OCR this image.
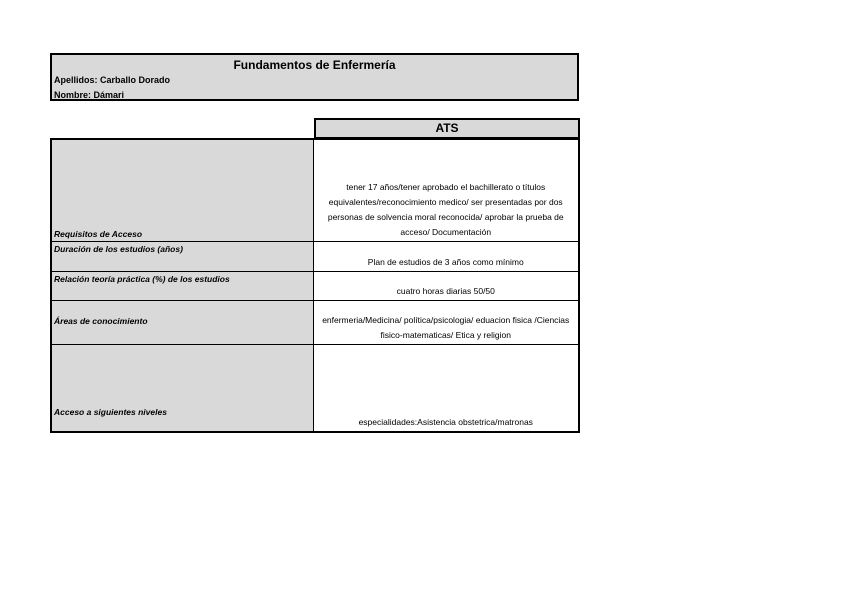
Fundamentos de Enfermería
Apellidos: Carballo Dorado
Nombre: Dámari
ATS
Requisitos de Acceso	tener 17 años/tener aprobado el bachillerato o títulos equivalentes/reconocimiento medico/ ser presentadas por dos personas de solvencia moral reconocida/ aprobar la prueba de acceso/ Documentación
Duración de los estudios (años)	Plan de estudios de 3 años como mínimo
Relación teoría práctica (%) de los estudios	cuatro horas diarias 50/50
Áreas de conocimiento	enfermeria/Medicina/ política/psicologia/ eduacion fisica /Ciencias fisico-matematicas/ Etica y religion
Acceso a siguientes niveles	especialidades:Asistencia obstetrica/matronas
